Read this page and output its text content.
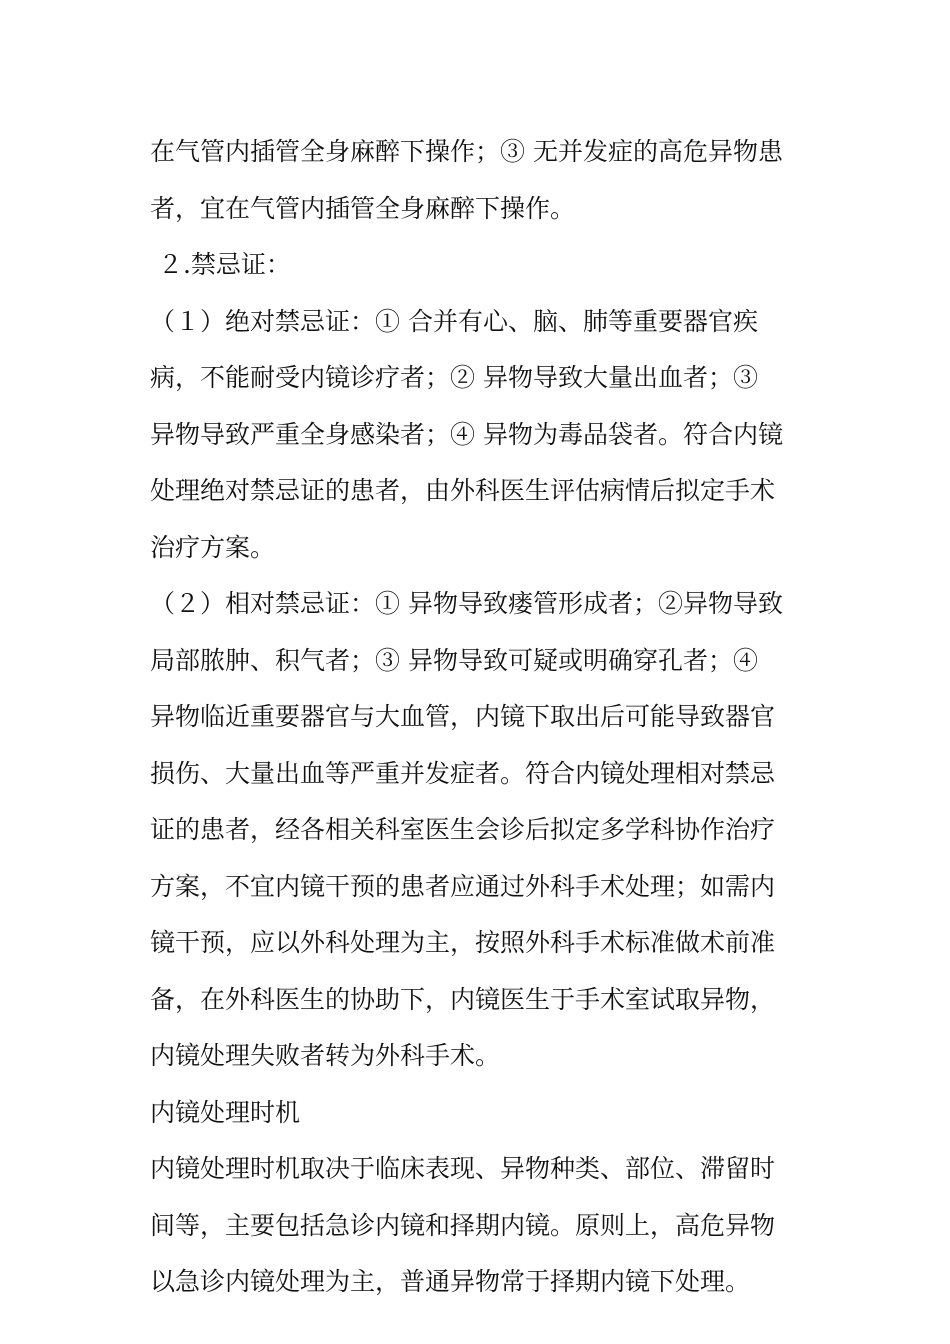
在气管内插管全身麻醉下操作；③ 无并发症的高危异物患
者，宜在气管内插管全身麻醉下操作。
２.禁忌证：
（１）绝对禁忌证：① 合并有心、脑、肺等重要器官疾
病，不能耐受内镜诊疗者；② 异物导致大量出血者；③
异物导致严重全身感染者；④ 异物为毒品袋者。符合内镜
处理绝对禁忌证的患者，由外科医生评估病情后拟定手术
治疗方案。
（２）相对禁忌证：① 异物导致瘘管形成者；②异物导致
局部脓肿、积气者；③ 异物导致可疑或明确穿孔者；④
异物临近重要器官与大血管，内镜下取出后可能导致器官
损伤、大量出血等严重并发症者。符合内镜处理相对禁忌
证的患者，经各相关科室医生会诊后拟定多学科协作治疗
方案，不宜内镜干预的患者应通过外科手术处理；如需内
镜干预，应以外科处理为主，按照外科手术标准做术前准
备，在外科医生的协助下，内镜医生于手术室试取异物，
内镜处理失败者转为外科手术。
内镜处理时机
内镜处理时机取决于临床表现、异物种类、部位、滞留时
间等，主要包括急诊内镜和择期内镜。原则上，高危异物
以急诊内镜处理为主，普通异物常于择期内镜下处理。
